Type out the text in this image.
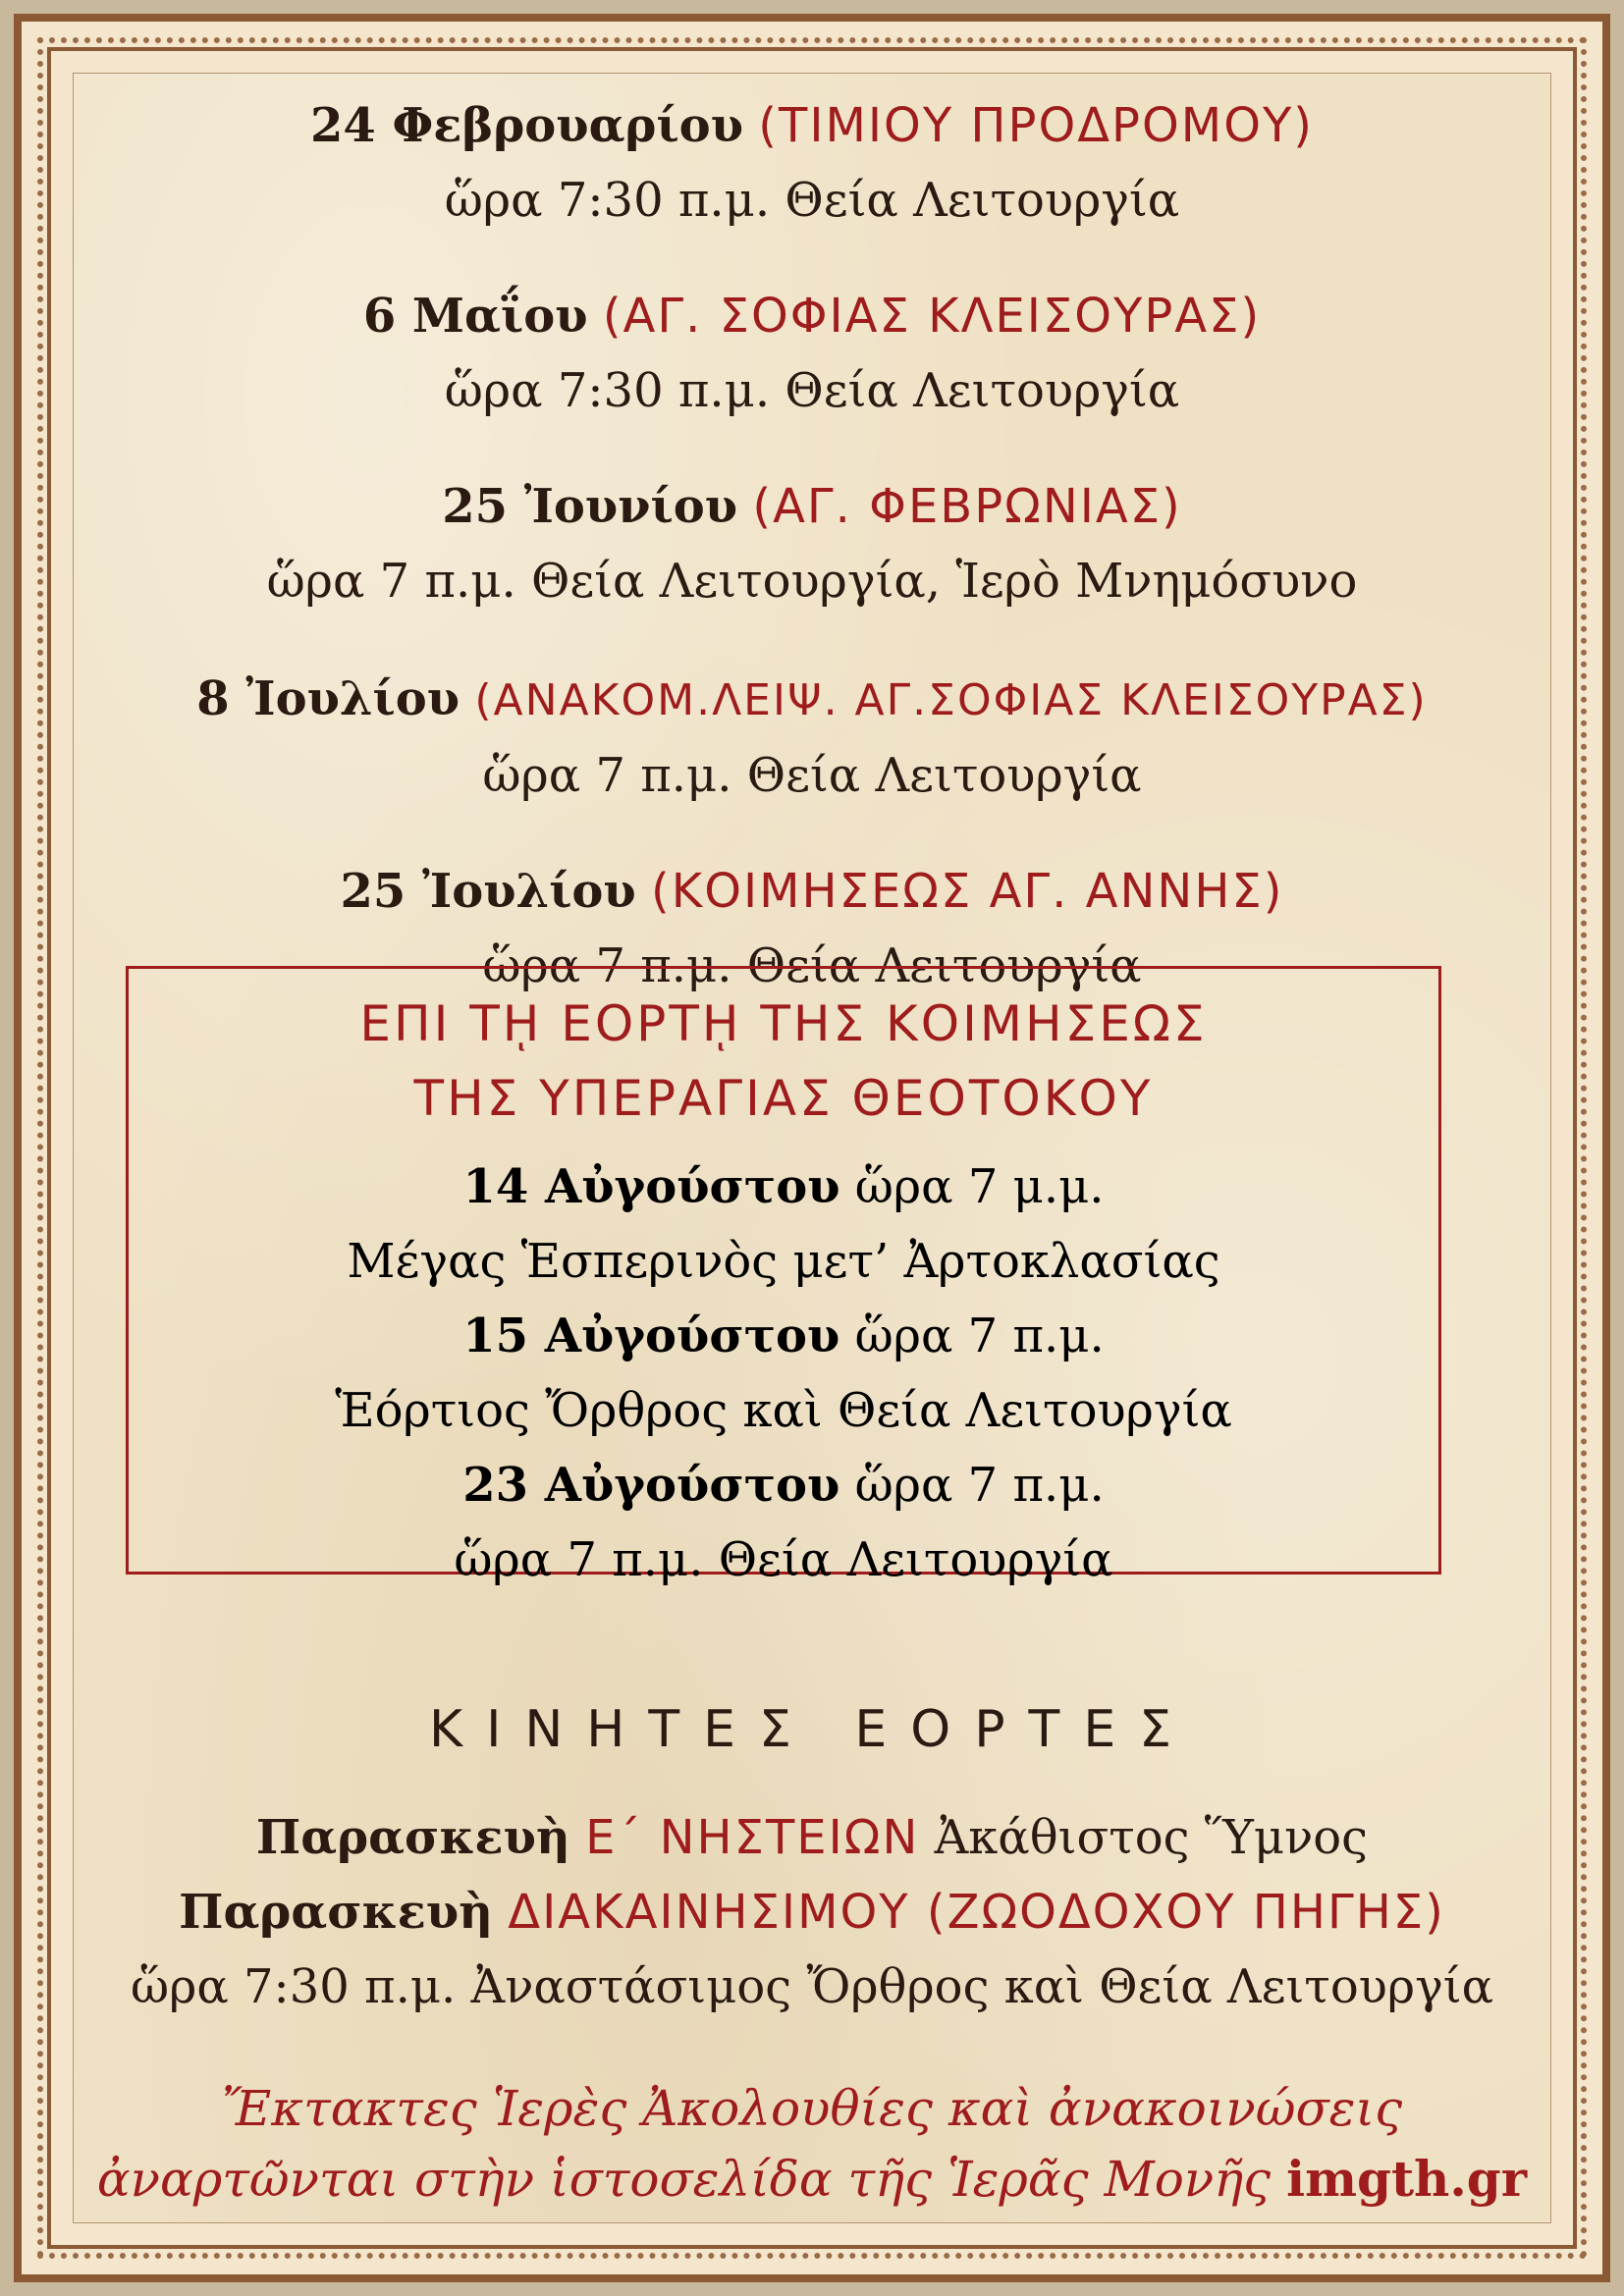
24 Φεβρουαρίου (ΤΙΜΙΟΥ ΠΡΟΔΡΟΜΟΥ)
ὥρα 7:30 π.μ. Θεία Λειτουργία
6 Μαΐου (ΑΓ. ΣΟΦΙΑΣ ΚΛΕΙΣΟΥΡΑΣ)
ὥρα 7:30 π.μ. Θεία Λειτουργία
25 Ἰουνίου (ΑΓ. ΦΕΒΡΩΝΙΑΣ)
ὥρα 7 π.μ. Θεία Λειτουργία, Ἱερὸ Μνημόσυνο
8 Ἰουλίου (ΑΝΑΚΟΜ.ΛΕΙΨ. ΑΓ.ΣΟΦΙΑΣ ΚΛΕΙΣΟΥΡΑΣ)
ὥρα 7 π.μ. Θεία Λειτουργία
25 Ἰουλίου (ΚΟΙΜΗΣΕΩΣ ΑΓ. ΑΝΝΗΣ)
ὥρα 7 π.μ. Θεία Λειτουργία
ΕΠΙ Τῌ ΕΟΡΤῌ ΤΗΣ ΚΟΙΜΗΣΕΩΣ
ΤΗΣ ΥΠΕΡΑΓΙΑΣ ΘΕΟΤΟΚΟΥ
14 Αὐγούστου ὥρα 7 μ.μ.
Μέγας Ἑσπερινὸς μετ’ Ἀρτοκλασίας
15 Αὐγούστου ὥρα 7 π.μ.
Ἑόρτιος Ὄρθρος καὶ Θεία Λειτουργία
23 Αὐγούστου ὥρα 7 π.μ.
ὥρα 7 π.μ. Θεία Λειτουργία
ΚΙΝΗΤΕΣ ΕΟΡΤΕΣ
Παρασκευὴ Ε΄ ΝΗΣΤΕΙΩΝ Ἀκάθιστος Ὕμνος
Παρασκευὴ ΔΙΑΚΑΙΝΗΣΙΜΟΥ (ΖΩΟΔΟΧΟΥ ΠΗΓΗΣ)
ὥρα 7:30 π.μ. Ἀναστάσιμος Ὄρθρος καὶ Θεία Λειτουργία
Ἔκτακτες Ἱερὲς Ἀκολουθίες καὶ ἀνακοινώσεις
ἀναρτῶνται στὴν ἱστοσελίδα τῆς Ἱερᾶς Μονῆς imgth.gr
